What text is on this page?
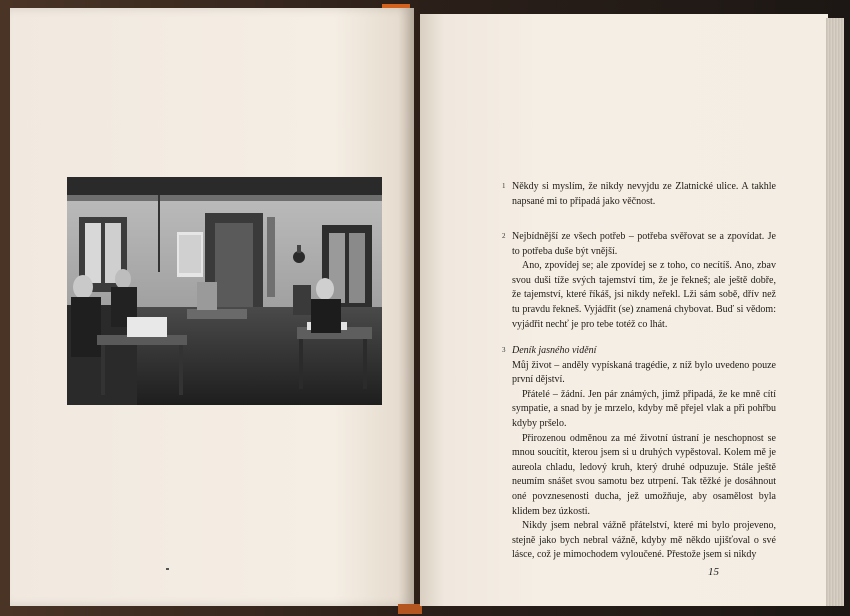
1 Někdy si myslím, že nikdy nevyjdu ze Zlatnické ulice. A takhle napsané mi to připadá jako věčnost.

2 Nejbídnější ze všech potřeb – potřeba svěřovat se a zpovídat. Je to potřeba duše být vnější.

Ano, zpovídej se; ale zpovídej se z toho, co necítíš. Ano, zbav svou duši tíže svých tajemství tím, že je řekneš; ale ještě dobře, že tajemství, které říkáš, jsi nikdy neřekl. Lži sám sobě, dřív než tu pravdu řekneš. Vyjádřit (se) znamená chybovat. Buď si vědom: vyjádřit nechť je pro tebe totéž co lhát.

3 Deník jasného vidění

Můj život – anděly vypískaná tragédie, z níž bylo uvedeno pouze první dějství.

Přátelé – žádní. Jen pár známých, jimž připadá, že ke mně cítí sympatie, a snad by je mrzelo, kdyby mě přejel vlak a při pohřbu kdyby pršelo.

Přirozenou odměnou za mé životní ústraní je neschopnost se mnou soucítit, kterou jsem si u druhých vypěstoval. Kolem mě je aureola chladu, ledový kruh, který druhé odpuzuje. Stále ještě neumím snášet svou samotu bez utrpení. Tak těžké je dosáhnout oné povznesenosti ducha, jež umožňuje, aby osamělost byla klidem bez úzkosti.

Nikdy jsem nebral vážně přátelství, které mi bylo projeveno, stejně jako bych nebral vážně, kdyby mě někdo ujišťoval o své lásce, což je mimochodem vyloučené. Přestože jsem si nikdy

15
